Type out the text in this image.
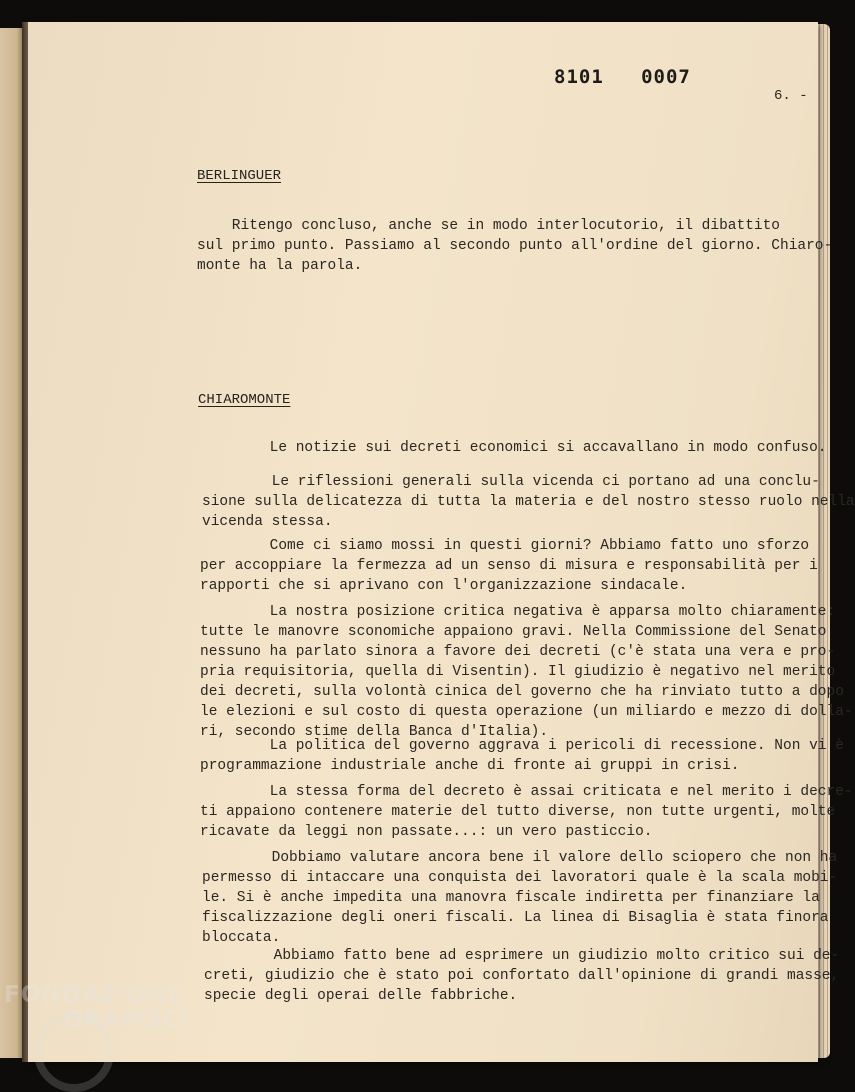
8101   0007
6. -
BERLINGUER
Ritengo concluso, anche se in modo interlocutorio, il dibattito
sul primo punto. Passiamo al secondo punto all'ordine del giorno. Chiaro-
monte ha la parola.
CHIAROMONTE
Le notizie sui decreti economici si accavallano in modo confuso.
Le riflessioni generali sulla vicenda ci portano ad una conclu-
sione sulla delicatezza di tutta la materia e del nostro stesso ruolo nella
vicenda stessa.
Come ci siamo mossi in questi giorni? Abbiamo fatto uno sforzo
per accoppiare la fermezza ad un senso di misura e responsabilità per i
rapporti che si aprivano con l'organizzazione sindacale.
La nostra posizione critica negativa è apparsa molto chiaramente:
tutte le manovre sconomiche appaiono gravi. Nella Commissione del Senato
nessuno ha parlato sinora a favore dei decreti (c'è stata una vera e pro-
pria requisitoria, quella di Visentin). Il giudizio è negativo nel merito
dei decreti, sulla volontà cinica del governo che ha rinviato tutto a dopo
le elezioni e sul costo di questa operazione (un miliardo e mezzo di dolla-
ri, secondo stime della Banca d'Italia).
La politica del governo aggrava i pericoli di recessione. Non vi è
programmazione industriale anche di fronte ai gruppi in crisi.
La stessa forma del decreto è assai criticata e nel merito i decre-
ti appaiono contenere materie del tutto diverse, non tutte urgenti, molte
ricavate da leggi non passate...: un vero pasticcio.
Dobbiamo valutare ancora bene il valore dello sciopero che non ha
permesso di intaccare una conquista dei lavoratori quale è la scala mobi-
le. Si è anche impedita una manovra fiscale indiretta per finanziare la
fiscalizzazione degli oneri fiscali. La linea di Bisaglia è stata finora
bloccata.
Abbiamo fatto bene ad esprimere un giudizio molto critico sui de-
creti, giudizio che è stato poi confortato dall'opinione di grandi masse,
specie degli operai delle fabbriche.
FONDAZIONE
GRAMSCI
onlus
